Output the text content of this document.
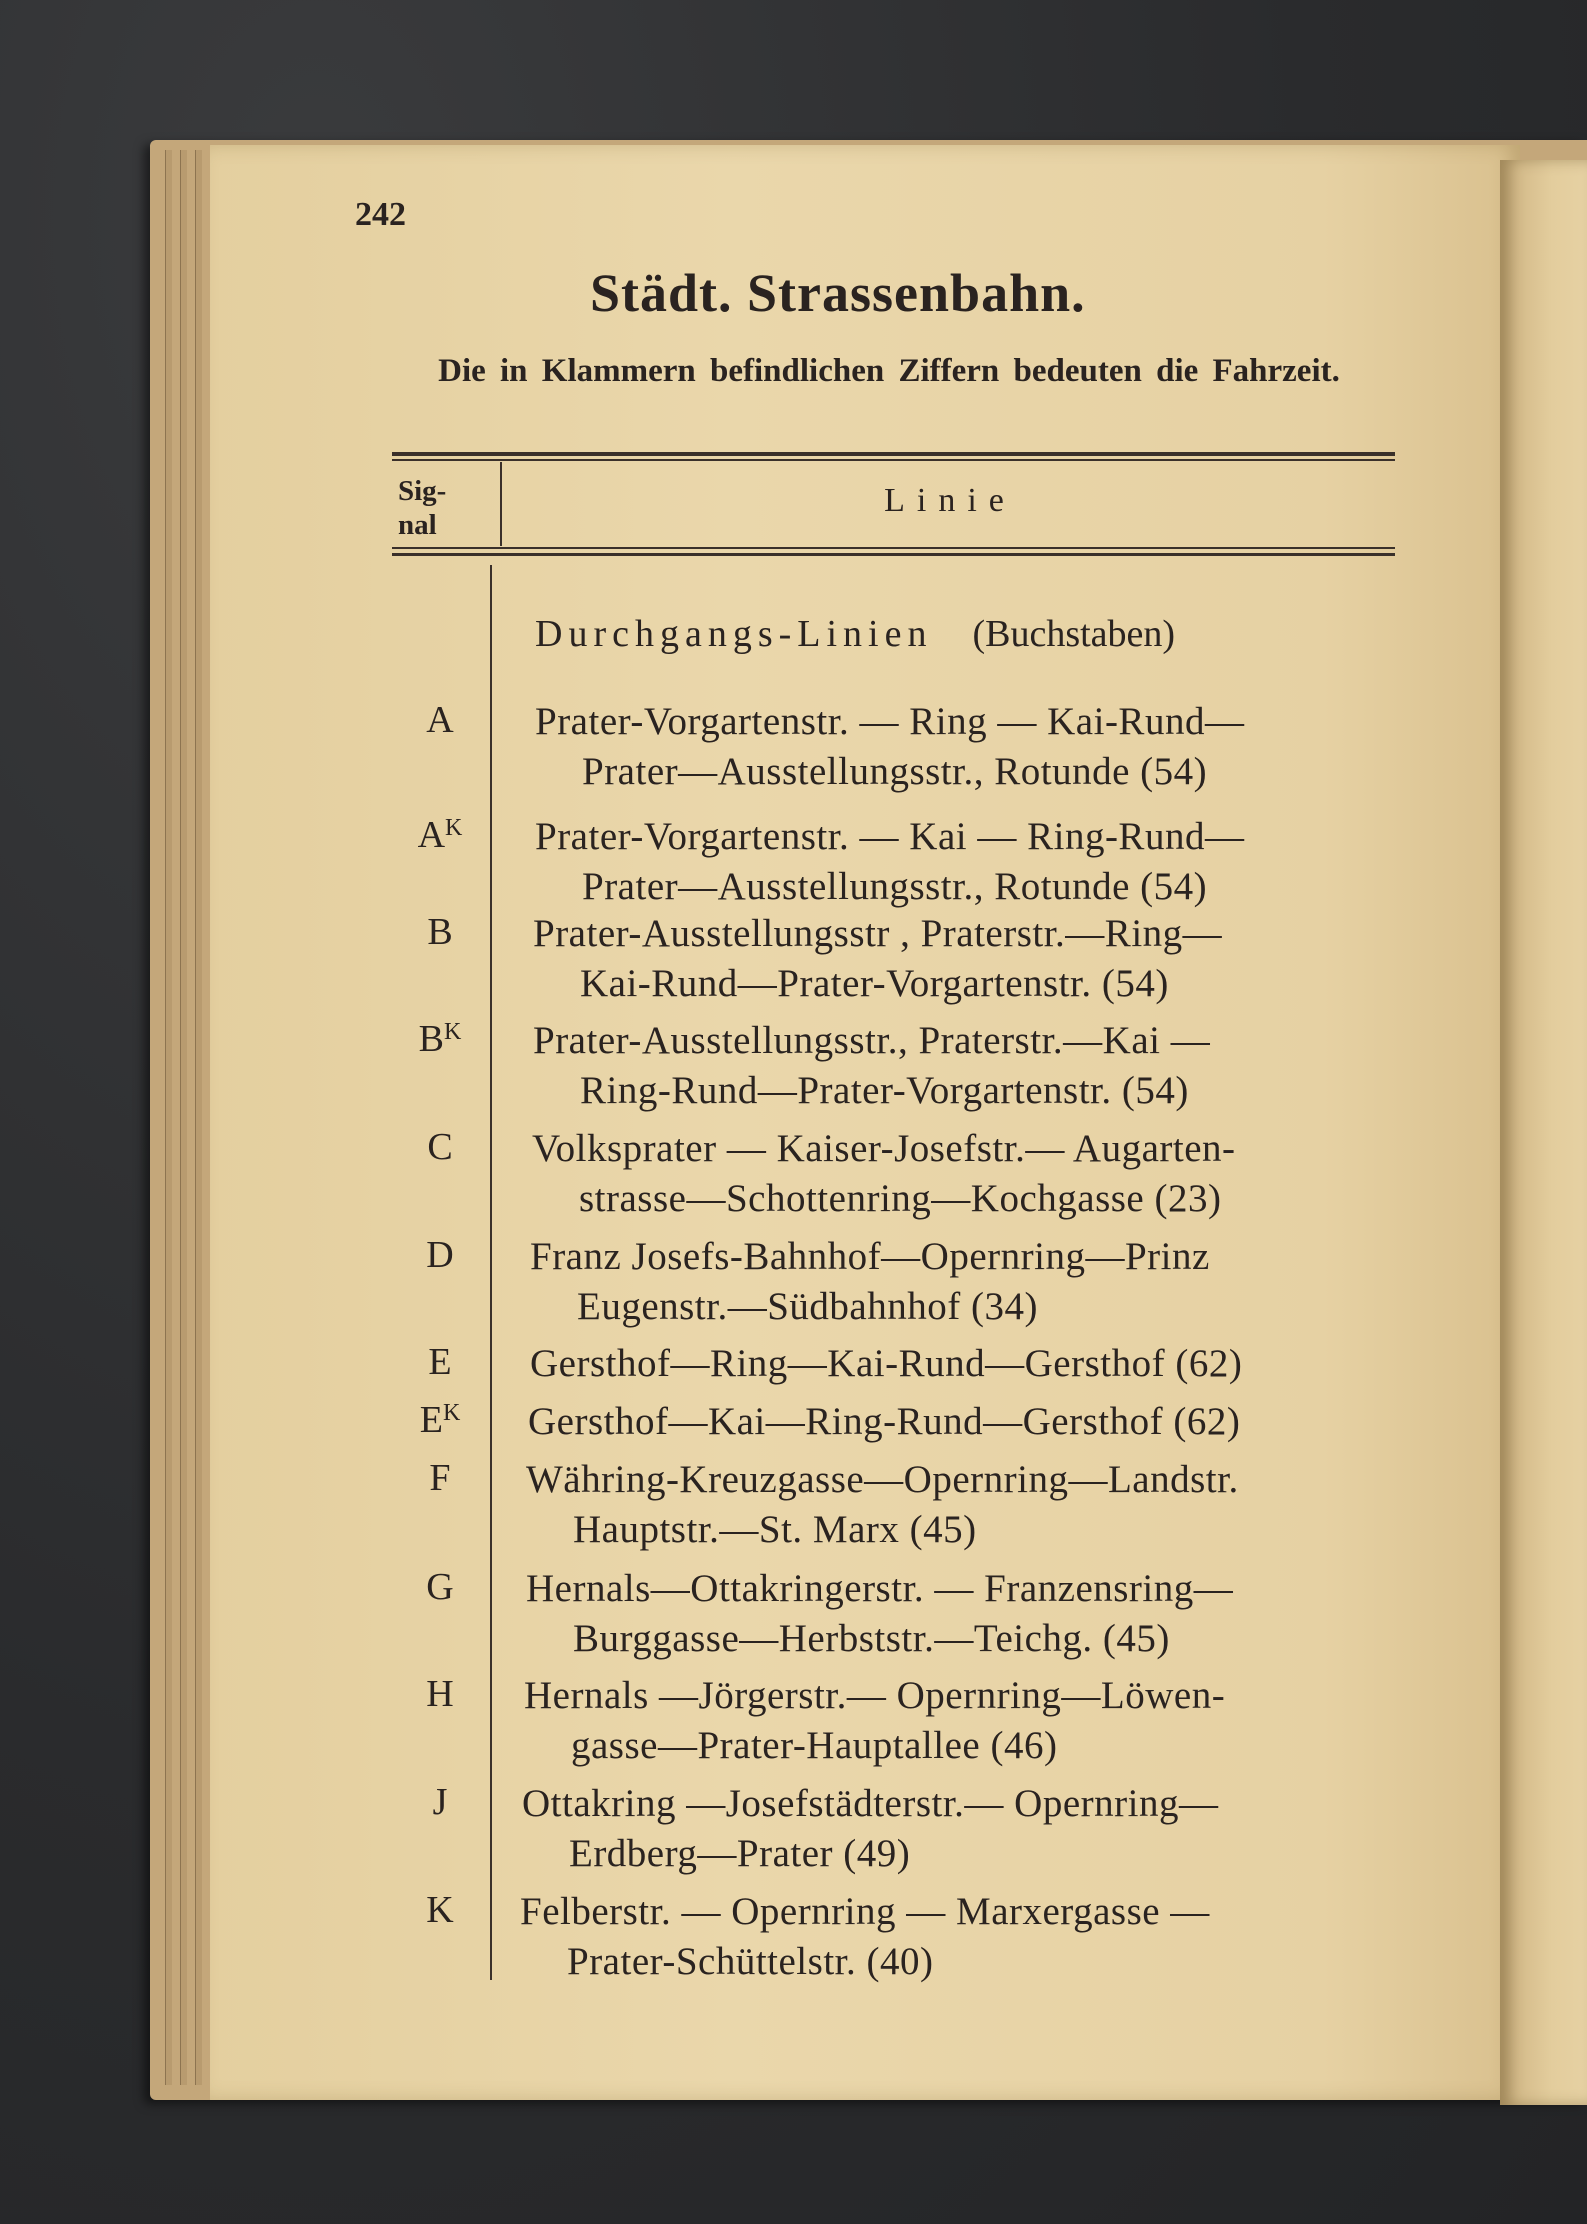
242
Städt. Strassenbahn.
Die in Klammern befindlichen Ziffern bedeuten die Fahrzeit.
Sig- nal
Linie
Durchgangs-Linien (Buchstaben)
A	Prater-Vorgartenstr. — Ring — Kai-Rund—
Prater—Ausstellungsstr., Rotunde (54)
$A^K$	Prater-Vorgartenstr. — Kai — Ring-Rund—
Prater—Ausstellungsstr., Rotunde (54)
B	Prater-Ausstellungsstr , Praterstr.—Ring—
Kai-Rund—Prater-Vorgartenstr. (54)
$B^K$	Prater-Ausstellungsstr., Praterstr.—Kai —
Ring-Rund—Prater-Vorgartenstr. (54)
C	Volksprater — Kaiser-Josefstr.— Augarten-
strasse—Schottenring—Kochgasse (23)
D	Franz Josefs-Bahnhof—Opernring—Prinz
Eugenstr.—Südbahnhof (34)
E	Gersthof—Ring—Kai-Rund—Gersthof (62)
$E^K$	Gersthof—Kai—Ring-Rund—Gersthof (62)
F	Währing-Kreuzgasse—Opernring—Landstr.
Hauptstr.—St. Marx (45)
G	Hernals—Ottakringerstr. — Franzensring—
Burggasse—Herbststr.—Teichg. (45)
H	Hernals —Jörgerstr.— Opernring—Löwen-
gasse—Prater-Hauptallee (46)
J	Ottakring —Josefstädterstr.— Opernring—
Erdberg—Prater (49)
K	Felberstr. — Opernring — Marxergasse —
Prater-Schüttelstr. (40)
